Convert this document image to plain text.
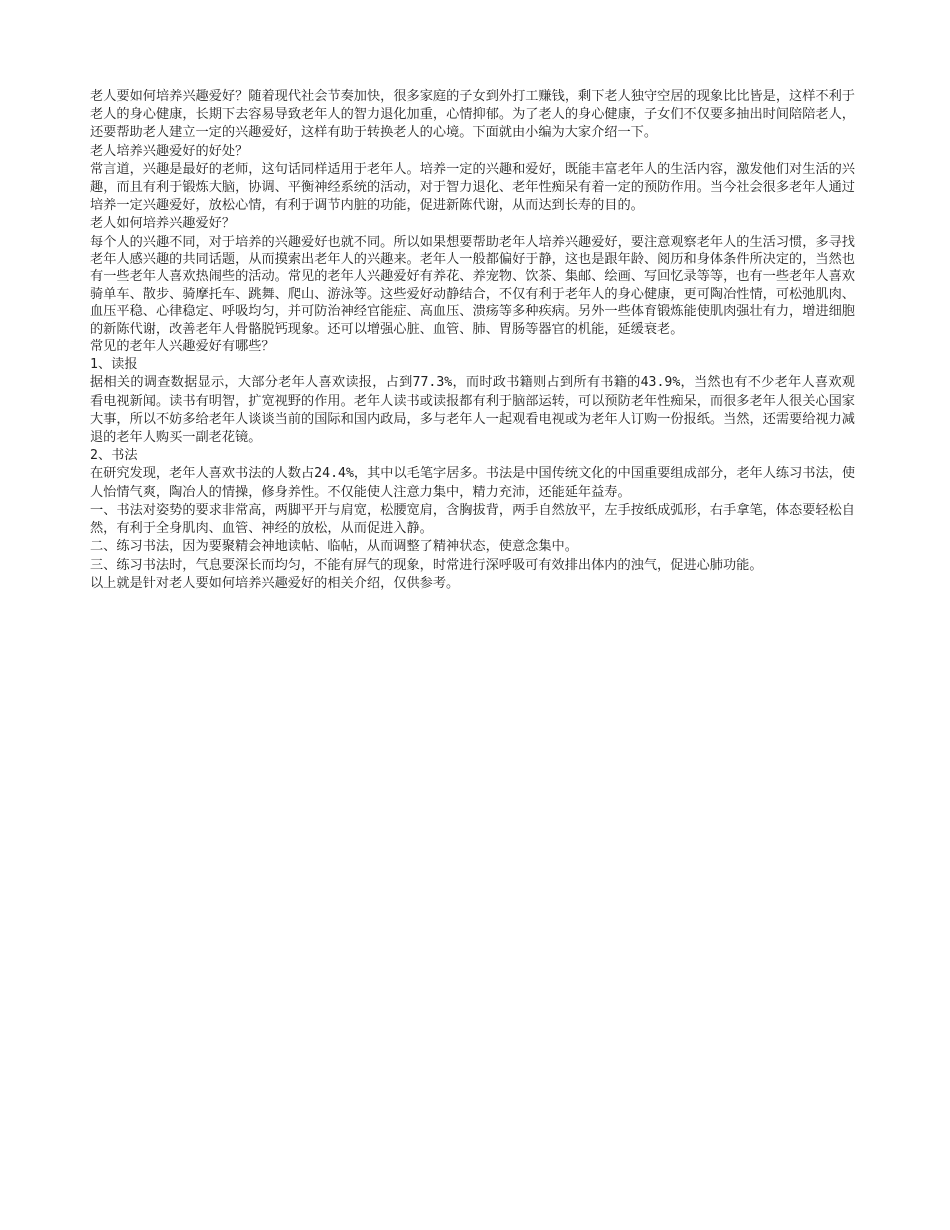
老人要如何培养兴趣爱好？随着现代社会节奏加快，很多家庭的子女到外打工赚钱，剩下老人独守空居的现象比比皆是，这样不利于老人的身心健康，长期下去容易导致老年人的智力退化加重，心情抑郁。为了老人的身心健康，子女们不仅要多抽出时间陪陪老人，还要帮助老人建立一定的兴趣爱好，这样有助于转换老人的心境。下面就由小编为大家介绍一下。

老人培养兴趣爱好的好处？

常言道，兴趣是最好的老师，这句话同样适用于老年人。培养一定的兴趣和爱好，既能丰富老年人的生活内容，激发他们对生活的兴趣，而且有利于锻炼大脑，协调、平衡神经系统的活动，对于智力退化、老年性痴呆有着一定的预防作用。当今社会很多老年人通过培养一定兴趣爱好，放松心情，有利于调节内脏的功能，促进新陈代谢，从而达到长寿的目的。

老人如何培养兴趣爱好？

每个人的兴趣不同，对于培养的兴趣爱好也就不同。所以如果想要帮助老年人培养兴趣爱好，要注意观察老年人的生活习惯，多寻找老年人感兴趣的共同话题，从而摸索出老年人的兴趣来。老年人一般都偏好于静，这也是跟年龄、阅历和身体条件所决定的，当然也有一些老年人喜欢热闹些的活动。常见的老年人兴趣爱好有养花、养宠物、饮茶、集邮、绘画、写回忆录等等，也有一些老年人喜欢骑单车、散步、骑摩托车、跳舞、爬山、游泳等。这些爱好动静结合，不仅有利于老年人的身心健康，更可陶冶性情，可松弛肌肉、血压平稳、心律稳定、呼吸均匀，并可防治神经官能症、高血压、溃疡等多种疾病。另外一些体育锻炼能使肌肉强壮有力，增进细胞的新陈代谢，改善老年人骨骼脱钙现象。还可以增强心脏、血管、肺、胃肠等器官的机能，延缓衰老。

常见的老年人兴趣爱好有哪些？

1、读报

据相关的调查数据显示，大部分老年人喜欢读报，占到77.3%，而时政书籍则占到所有书籍的43.9%，当然也有不少老年人喜欢观看电视新闻。读书有明智，扩宽视野的作用。老年人读书或读报都有利于脑部运转，可以预防老年性痴呆，而很多老年人很关心国家大事，所以不妨多给老年人谈谈当前的国际和国内政局，多与老年人一起观看电视或为老年人订购一份报纸。当然，还需要给视力减退的老年人购买一副老花镜。

2、书法

在研究发现，老年人喜欢书法的人数占24.4%，其中以毛笔字居多。书法是中国传统文化的中国重要组成部分，老年人练习书法，使人怡情气爽，陶冶人的情操，修身养性。不仅能使人注意力集中，精力充沛，还能延年益寿。

一、书法对姿势的要求非常高，两脚平开与肩宽，松腰宽肩，含胸拔背，两手自然放平，左手按纸成弧形，右手拿笔，体态要轻松自然，有利于全身肌肉、血管、神经的放松，从而促进入静。

二、练习书法，因为要聚精会神地读帖、临帖，从而调整了精神状态，使意念集中。

三、练习书法时，气息要深长而均匀，不能有屏气的现象，时常进行深呼吸可有效排出体内的浊气，促进心肺功能。

以上就是针对老人要如何培养兴趣爱好的相关介绍，仅供参考。
